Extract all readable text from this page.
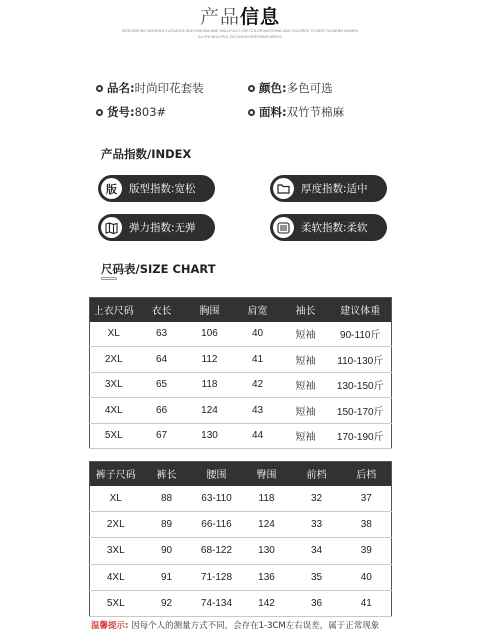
产品信息
INTEGRATING WOMEN'S ELEGANCE AND FASHION AND SKILLFULLY USE COLOR MATCHING AND TAILORED TO MEET MODERN WOMEN IN LIFE MULTIPLE OCCASION DRESSING NEEDS
品名: 时尚印花套装	颜色: 多色可选
货号: 803#	面料: 双竹节棉麻
产品指数/INDEX
版	版型指数: 宽松	厚度指数: 适中
弹力指数: 无弹	柔软指数: 柔软
尺码表/SIZE CHART
上衣尺码	衣长	胸围	肩宽	袖长	建议体重
XL	63	106	40	短袖	90-110斤
2XL	64	112	41	短袖	110-130斤
3XL	65	118	42	短袖	130-150斤
4XL	66	124	43	短袖	150-170斤
5XL	67	130	44	短袖	170-190斤
裤子尺码	裤长	腰围	臀围	前档	后档
XL	88	63-110	118	32	37
2XL	89	66-116	124	33	38
3XL	90	68-122	130	34	39
4XL	91	71-128	136	35	40
5XL	92	74-134	142	36	41
温馨提示: 因每个人的测量方式不同，会存在1-3CM左右误差，属于正常现象
